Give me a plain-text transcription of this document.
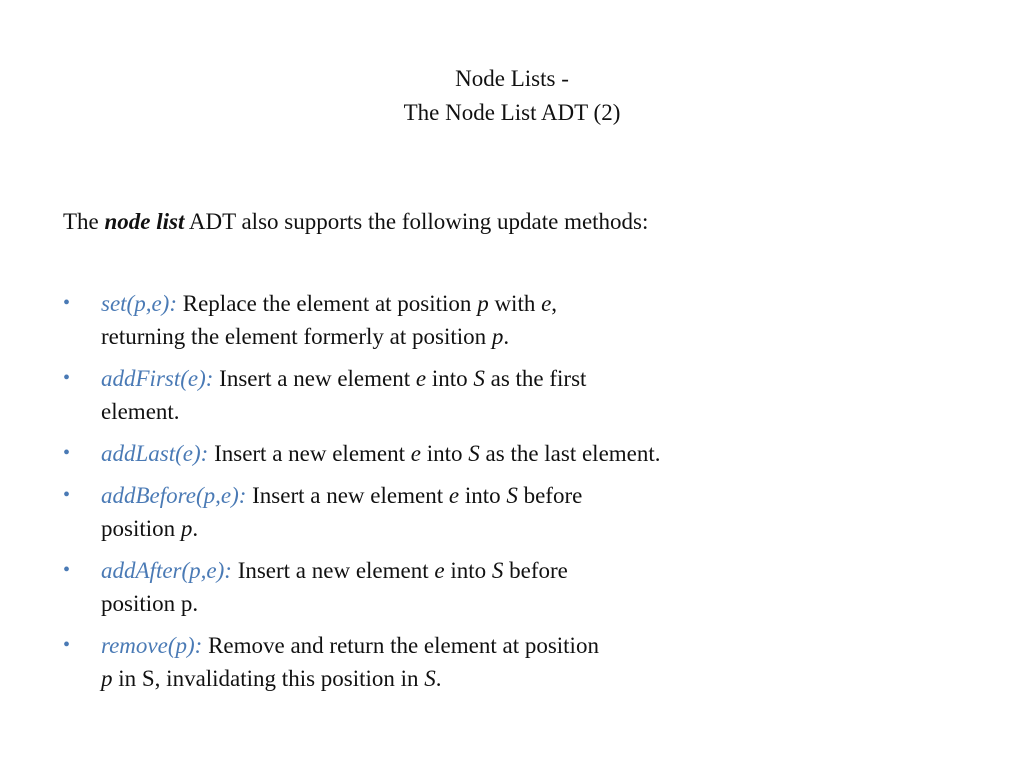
Node Lists -
The Node List ADT (2)
The node list ADT also supports the following update methods:
• set(p,e): Replace the element at position p with e,
returning the element formerly at position p.
• addFirst(e): Insert a new element e into S as the first
element.
• addLast(e): Insert a new element e into S as the last element.
• addBefore(p,e): Insert a new element e into S before
position p.
• addAfter(p,e): Insert a new element e into S before
position p.
• remove(p): Remove and return the element at position
p in S, invalidating this position in S.
